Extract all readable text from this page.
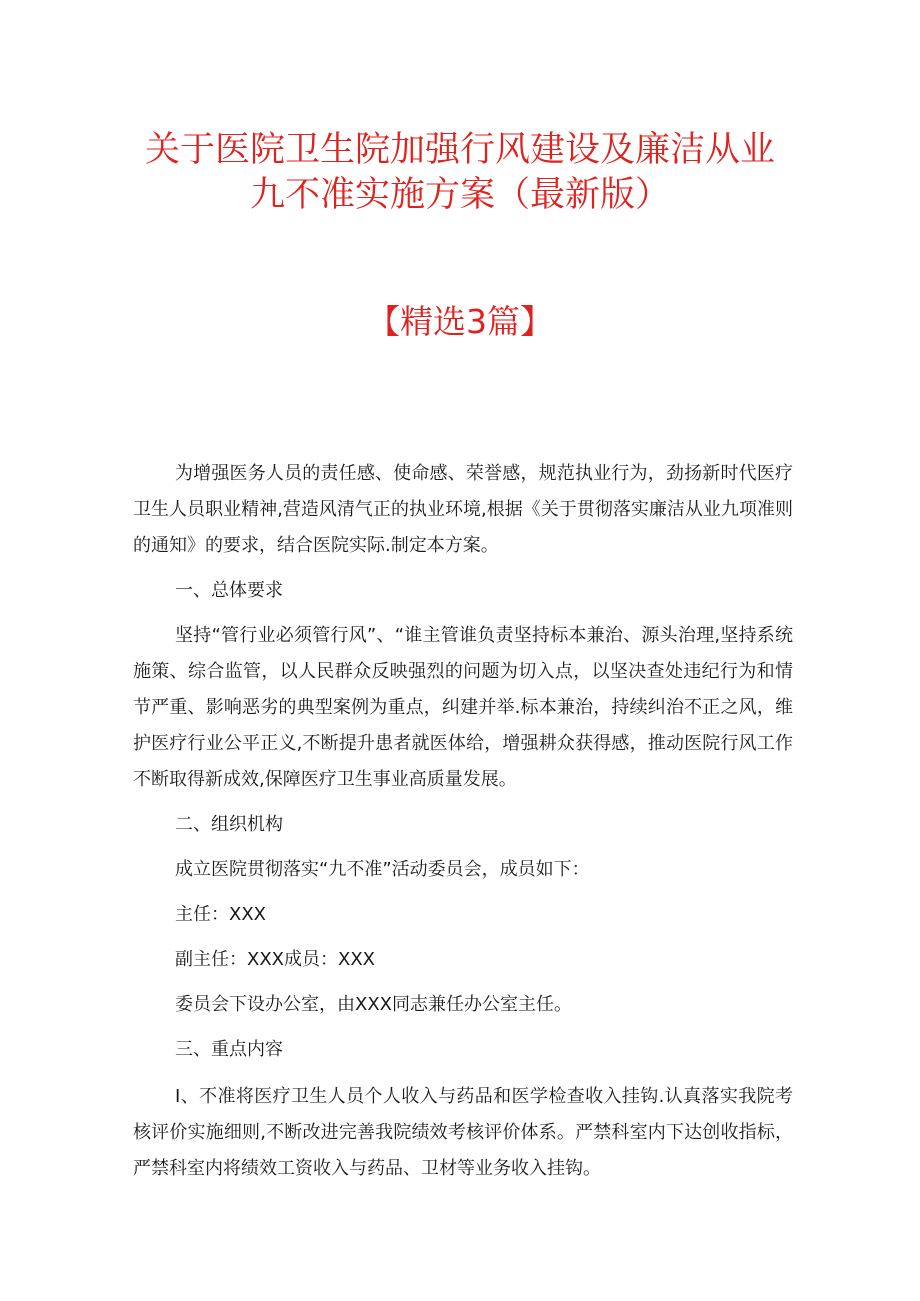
关于医院卫生院加强行风建设及廉洁从业
九不准实施方案（最新版）
【精选3篇】

为增强医务人员的责任感、使命感、荣誉感，规范执业行为，劲扬新时代医疗卫生人员职业精神,营造风清气正的执业环境,根据《关于贯彻落实廉洁从业九项准则的通知》的要求，结合医院实际.制定本方案。

一、总体要求

坚持“管行业必须管行风”、“谁主管谁负责坚持标本兼治、源头治理,坚持系统施策、综合监管，以人民群众反映强烈的问题为切入点，以坚决查处违纪行为和情节严重、影响恶劣的典型案例为重点，纠建并举.标本兼治，持续纠治不正之风，维护医疗行业公平正义,不断提升患者就医体给，增强耕众获得感，推动医院行风工作不断取得新成效,保障医疗卫生事业高质量发展。

二、组织机构

成立医院贯彻落实“九不准”活动委员会，成员如下：

主任：XXX

副主任：XXX成员：XXX

委员会下设办公室，由XXX同志兼任办公室主任。

三、重点内容

I、不准将医疗卫生人员个人收入与药品和医学检查收入挂钩.认真落实我院考核评价实施细则,不断改进完善我院绩效考核评价体系。严禁科室内下达创收指标，严禁科室内将绩效工资收入与药品、卫材等业务收入挂钩。
